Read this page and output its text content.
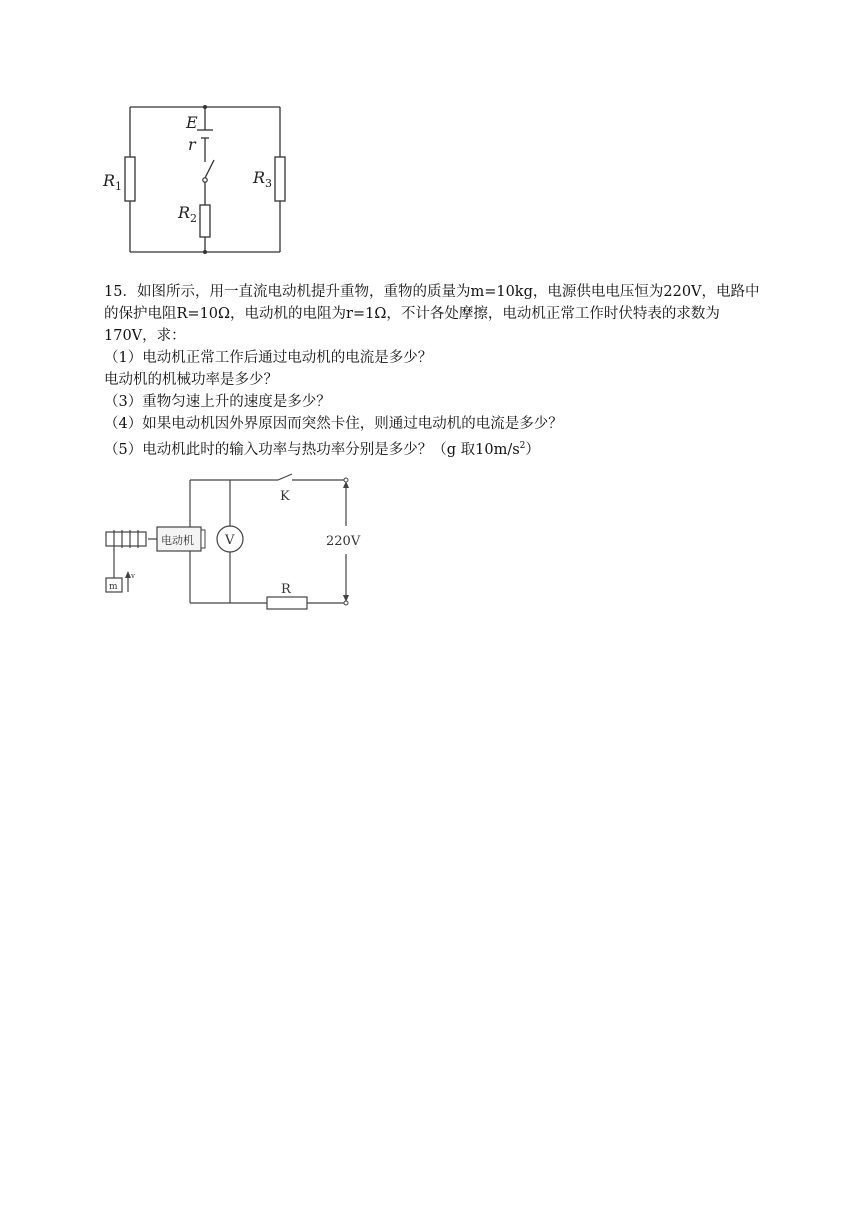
E
r
R 1	R 3
R 2

15．如图所示，用一直流电动机提升重物，重物的质量为m=10kg，电源供电电压恒为220V，电路中的保护电阻R=10Ω，电动机的电阻为r=1Ω，不计各处摩擦，电动机正常工作时伏特表的求数为170V，求：

（1）电动机正常工作后通过电动机的电流是多少？

电动机的机械功率是多少？

（3）重物匀速上升的速度是多少？

（4）如果电动机因外界原因而突然卡住，则通过电动机的电流是多少？

（5）电动机此时的输入功率与热功率分别是多少？（g 取$10m/s^2$）

K
220V
R
V
电动机
m
v
